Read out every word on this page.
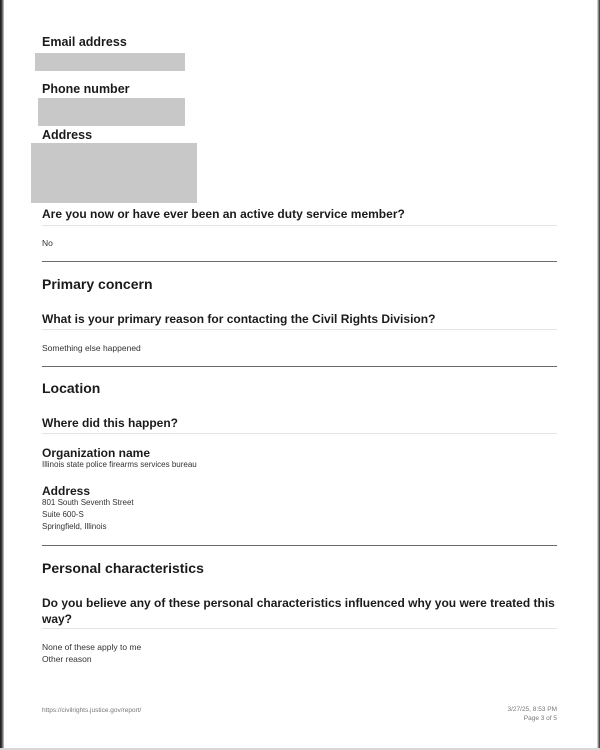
Email address
Phone number
Address
Are you now or have ever been an active duty service member?
No
Primary concern
What is your primary reason for contacting the Civil Rights Division?
Something else happened
Location
Where did this happen?
Organization name
Illinois state police firearms services bureau
Address
801 South Seventh Street
Suite 600-S
Springfield, Illinois
Personal characteristics
Do you believe any of these personal characteristics influenced why you were treated this way?
None of these apply to me
Other reason
https://civilrights.justice.gov/report/	3/27/25, 8:53 PM
Page 3 of 5
